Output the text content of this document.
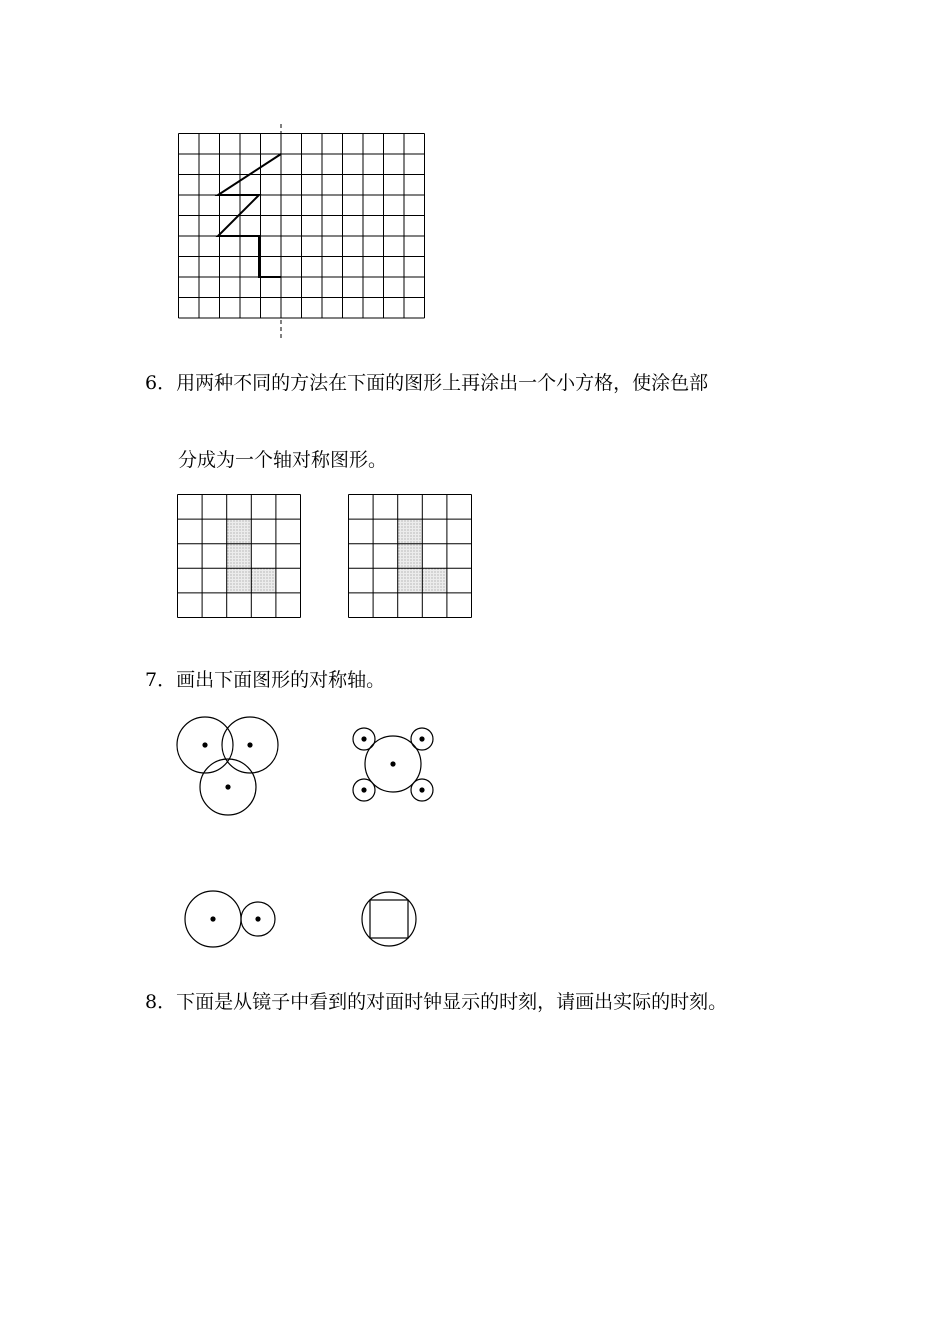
6．用两种不同的方法在下面的图形上再涂出一个小方格，使涂色部
分成为一个轴对称图形。
7．画出下面图形的对称轴。
8．下面是从镜子中看到的对面时钟显示的时刻，请画出实际的时刻。
